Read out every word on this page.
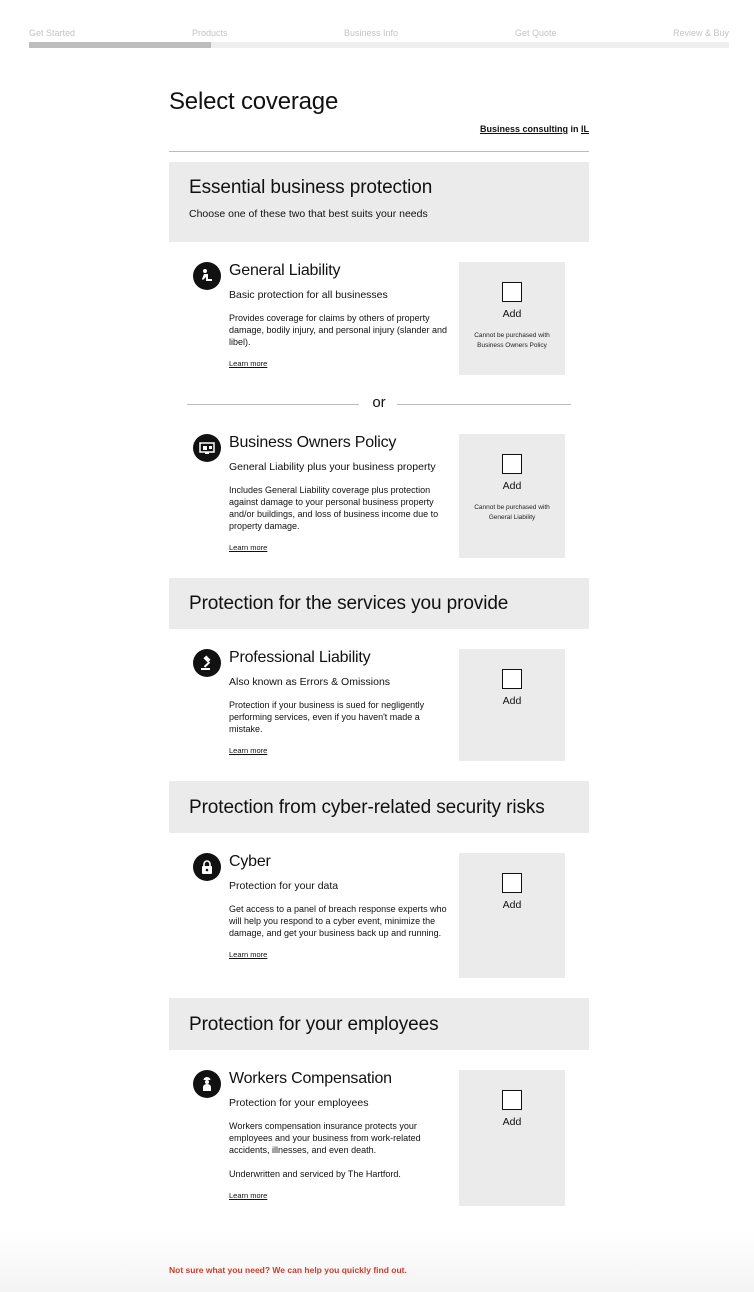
Get Started	Products	Business Info	Get Quote	Review & Buy
Select coverage
Business consulting in IL
Essential business protection

Choose one of these two that best suits your needs

General Liability
Basic protection for all businesses
Provides coverage for claims by others of property damage, bodily injury, and personal injury (slander and libel).
Learn more
Add
Cannot be purchased with Business Owners Policy
or
Business Owners Policy
General Liability plus your business property
Includes General Liability coverage plus protection against damage to your personal business property and/or buildings, and loss of business income due to property damage.
Learn more
Add
Cannot be purchased with General Liability
Protection for the services you provide
Professional Liability
Also known as Errors & Omissions
Protection if your business is sued for negligently performing services, even if you haven't made a mistake.
Learn more
Add
Protection from cyber-related security risks
Cyber
Protection for your data
Get access to a panel of breach response experts who will help you respond to a cyber event, minimize the damage, and get your business back up and running.
Learn more
Add
Protection for your employees
Workers Compensation
Protection for your employees
Workers compensation insurance protects your employees and your business from work-related accidents, illnesses, and even death.
Underwritten and serviced by The Hartford.
Learn more
Add
Not sure what you need? We can help you quickly find out.
